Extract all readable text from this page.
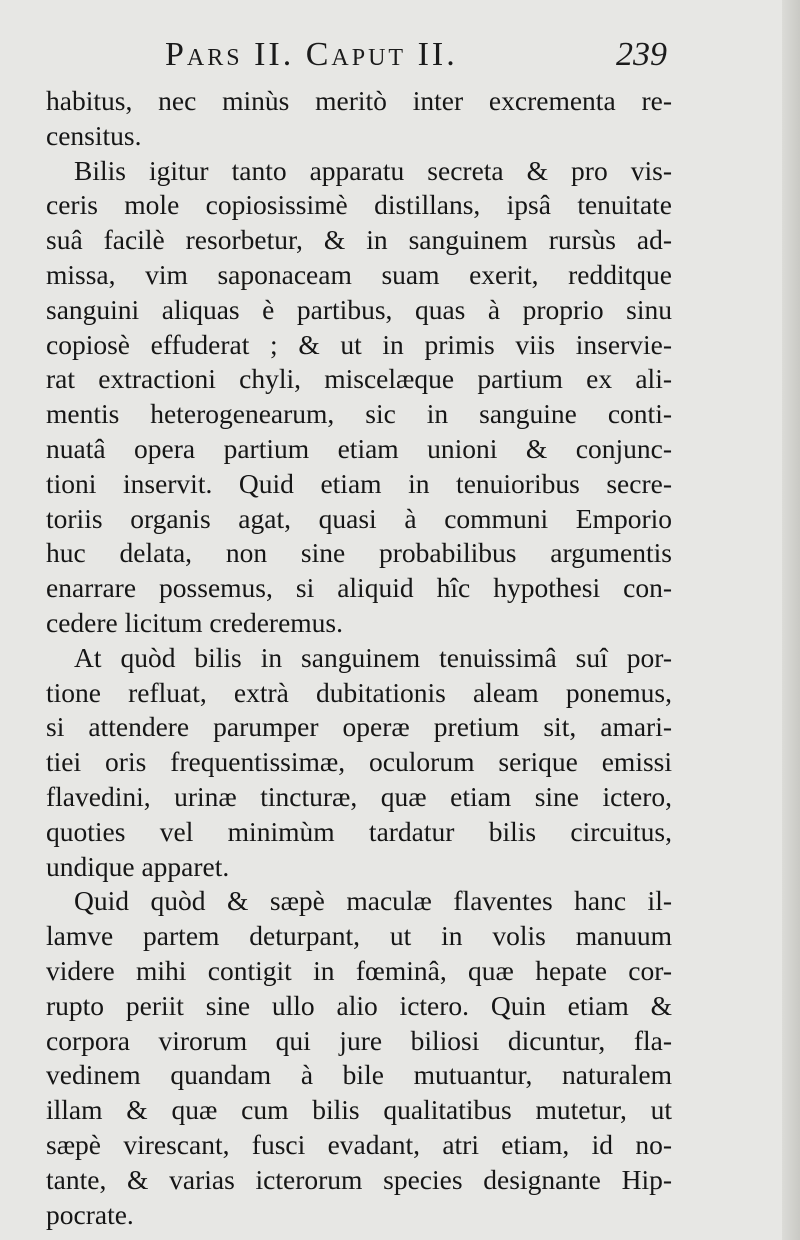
Pars II. Caput II.	239
habitus, nec minùs meritò inter excrementa re-
censitus.
Bilis igitur tanto apparatu secreta & pro vis-
ceris mole copiosissimè distillans, ipsâ tenuitate
suâ facilè resorbetur, & in sanguinem rursùs ad-
missa, vim saponaceam suam exerit, redditque
sanguini aliquas è partibus, quas à proprio sinu
copiosè effuderat ; & ut in primis viis inservie-
rat extractioni chyli, miscelæque partium ex ali-
mentis heterogenearum, sic in sanguine conti-
nuatâ opera partium etiam unioni & conjunc-
tioni inservit. Quid etiam in tenuioribus secre-
toriis organis agat, quasi à communi Emporio
huc delata, non sine probabilibus argumentis
enarrare possemus, si aliquid hîc hypothesi con-
cedere licitum crederemus.
At quòd bilis in sanguinem tenuissimâ suî por-
tione refluat, extrà dubitationis aleam ponemus,
si attendere parumper operæ pretium sit, amari-
tiei oris frequentissimæ, oculorum serique emissi
flavedini, urinæ tincturæ, quæ etiam sine ictero,
quoties vel minimùm tardatur bilis circuitus,
undique apparet.
Quid quòd & sæpè maculæ flaventes hanc il-
lamve partem deturpant, ut in volis manuum
videre mihi contigit in fœminâ, quæ hepate cor-
rupto periit sine ullo alio ictero. Quin etiam &
corpora virorum qui jure biliosi dicuntur, fla-
vedinem quandam à bile mutuantur, naturalem
illam & quæ cum bilis qualitatibus mutetur, ut
sæpè virescant, fusci evadant, atri etiam, id no-
tante, & varias icterorum species designante Hip-
pocrate.
